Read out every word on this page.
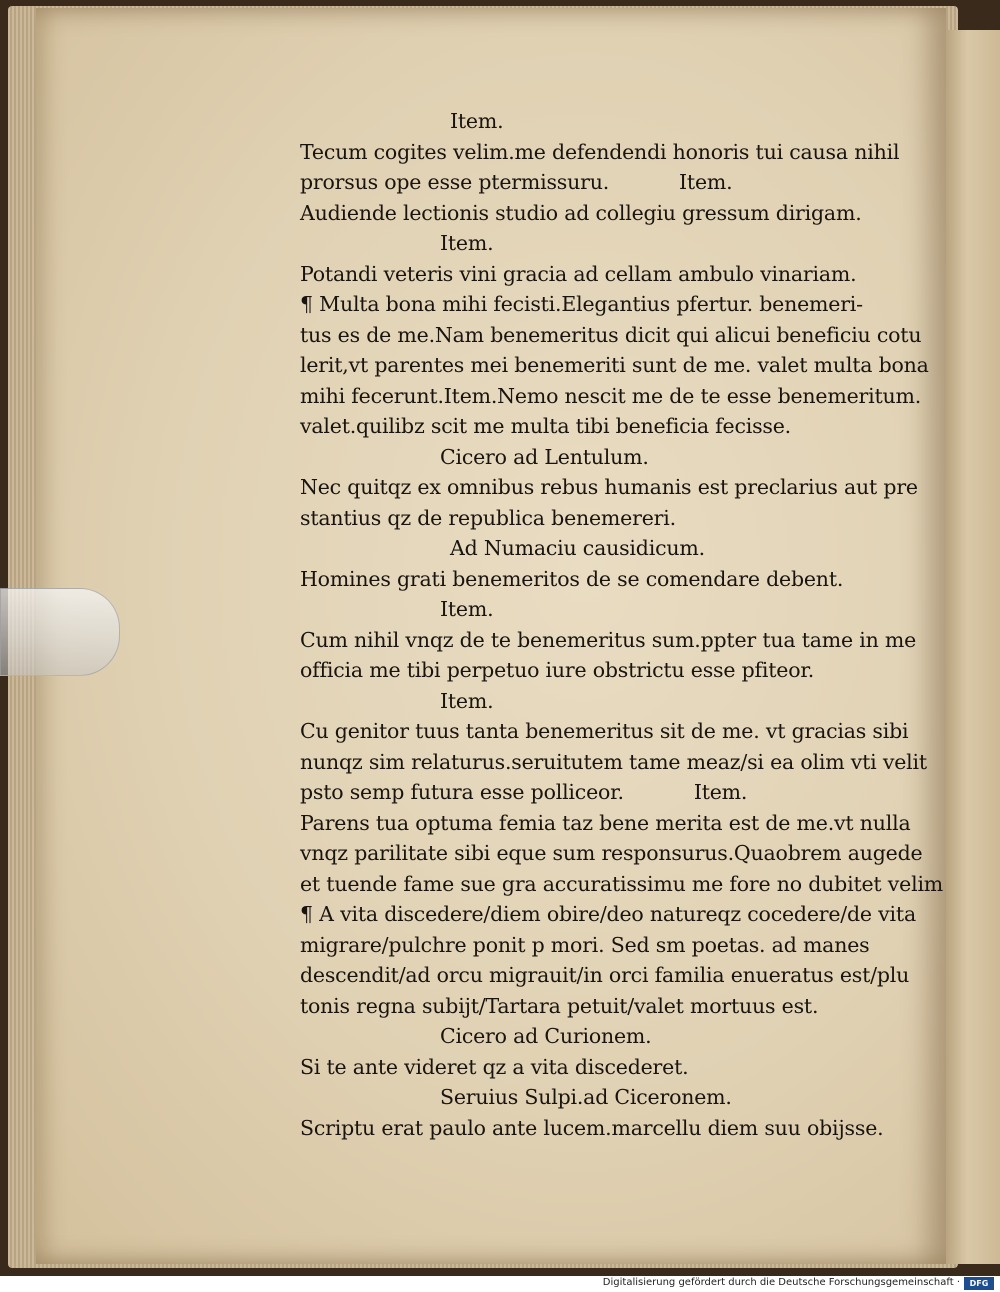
Item.
Tecum cogites velim.me defendendi honoris tui causa nihil
prorsus ope esse ptermissuru.	Item.
Audiende lectionis studio ad collegiu gressum dirigam.
Item.
Potandi veteris vini gracia ad cellam ambulo vinariam.
¶ Multa bona mihi fecisti.Elegantius pfertur. benemeri-
tus es de me.Nam benemeritus dicit qui alicui beneficiu cotu
lerit,vt parentes mei benemeriti sunt de me. valet multa bona
mihi fecerunt.Item.Nemo nescit me de te esse benemeritum.
valet.quilibz scit me multa tibi beneficia fecisse.
Cicero ad Lentulum.
Nec quitqz ex omnibus rebus humanis est preclarius aut pre
stantius qz de republica benemereri.
Ad Numaciu causidicum.
Homines grati benemeritos de se comendare debent.
Item.
Cum nihil vnqz de te benemeritus sum.ppter tua tame in me
officia me tibi perpetuo iure obstrictu esse pfiteor.
Item.
Cu genitor tuus tanta benemeritus sit de me. vt gracias sibi
nunqz sim relaturus.seruitutem tame meaz/si ea olim vti velit
psto semp futura esse polliceor.	Item.
Parens tua optuma femia taz bene merita est de me.vt nulla
vnqz parilitate sibi eque sum responsurus.Quaobrem augede
et tuende fame sue gra accuratissimu me fore no dubitet velim
¶ A vita discedere/diem obire/deo natureqz cocedere/de vita
migrare/pulchre ponit p mori. Sed sm poetas. ad manes
descendit/ad orcu migrauit/in orci familia enueratus est/plu
tonis regna subijt/Tartara petuit/valet mortuus est.
Cicero ad Curionem.
Si te ante videret qz a vita discederet.
Seruius Sulpi.ad Ciceronem.
Scriptu erat paulo ante lucem.marcellu diem suu obijsse.
Digitalisierung gefördert durch die Deutsche Forschungsgemeinschaft ·	DFG
